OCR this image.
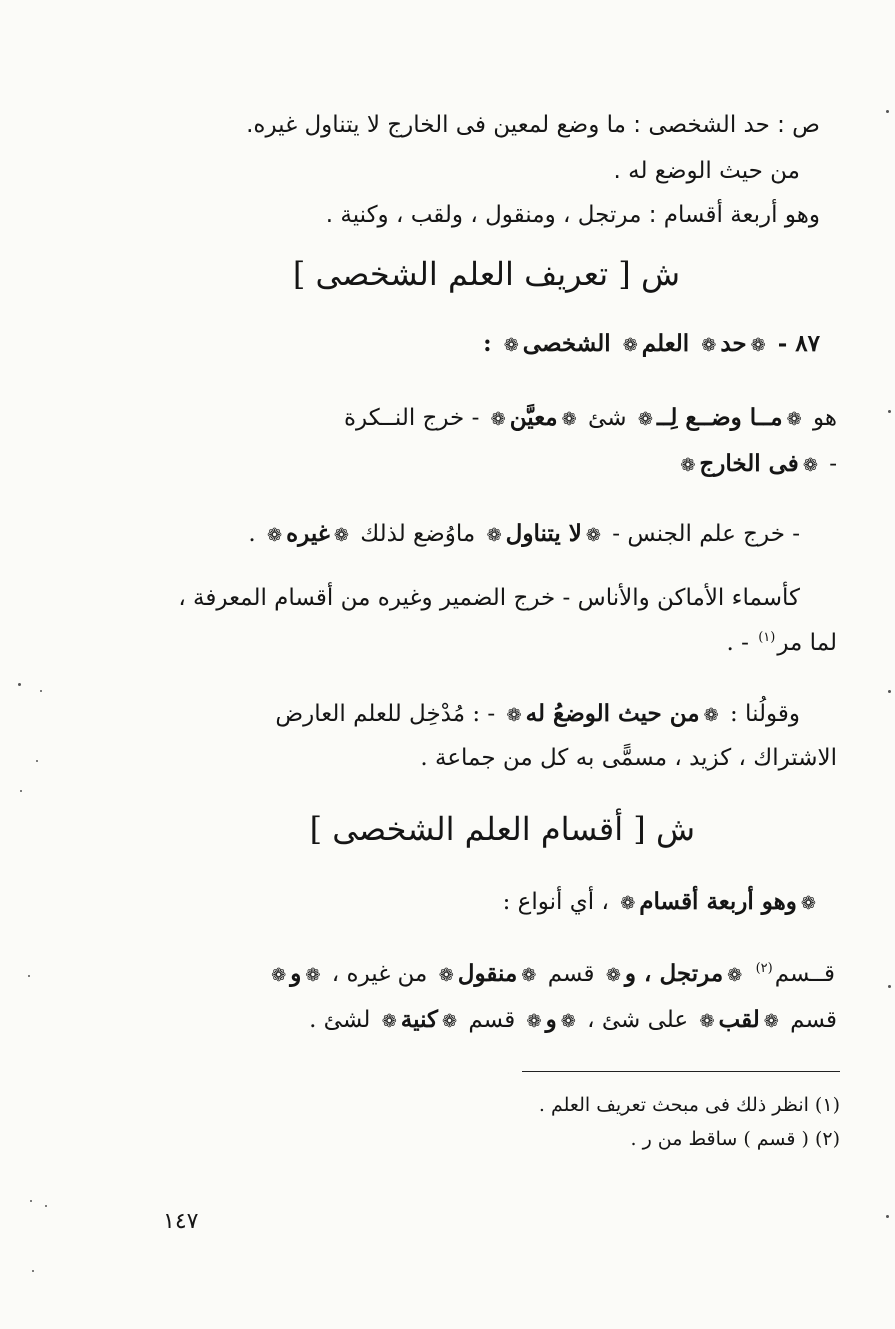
ص : حد الشخصى : ما وضع لمعين فى الخارج لا يتناول غيره.
من حيث الوضع له .
وهو أربعة أقسام : مرتجل ، ومنقول ، ولقب ، وكنية .
ش [ تعريف العلم الشخصى ]
٨٧ - ❁حد❁ العلم❁ الشخصى❁ :
هو ❁مــا وضــع لِــ❁ شئ ❁معيَّن❁ - خرج النــكرة
- ❁فى الخارج❁
- خرج علم الجنس - ❁لا يتناول❁ ماوُضع لذلك ❁غيره❁ .
كأسماء الأماكن والأناس - خرج الضمير وغيره من أقسام المعرفة ،
لما مر$^{(١)}$ - .
وقولُنا : ❁من حيث الوضعُ له❁ - : مُدْخِل للعلم العارض
الاشتراك ، كزيد ، مسمًّى به كل من جماعة .
ش [ أقسام العلم الشخصى ]
❁وهو أربعة أقسام❁ ، أي أنواع :
قــسم$^{(٢)}$ ❁مرتجل ، و❁ قسم ❁منقول❁ من غيره ، ❁و❁
قسم ❁لقب❁ على شئ ، ❁و❁ قسم ❁كنية❁ لشئ .
(١) انظر ذلك فى مبحث تعريف العلم .
(٢) ( قسم ) ساقط من ر .
١٤٧
